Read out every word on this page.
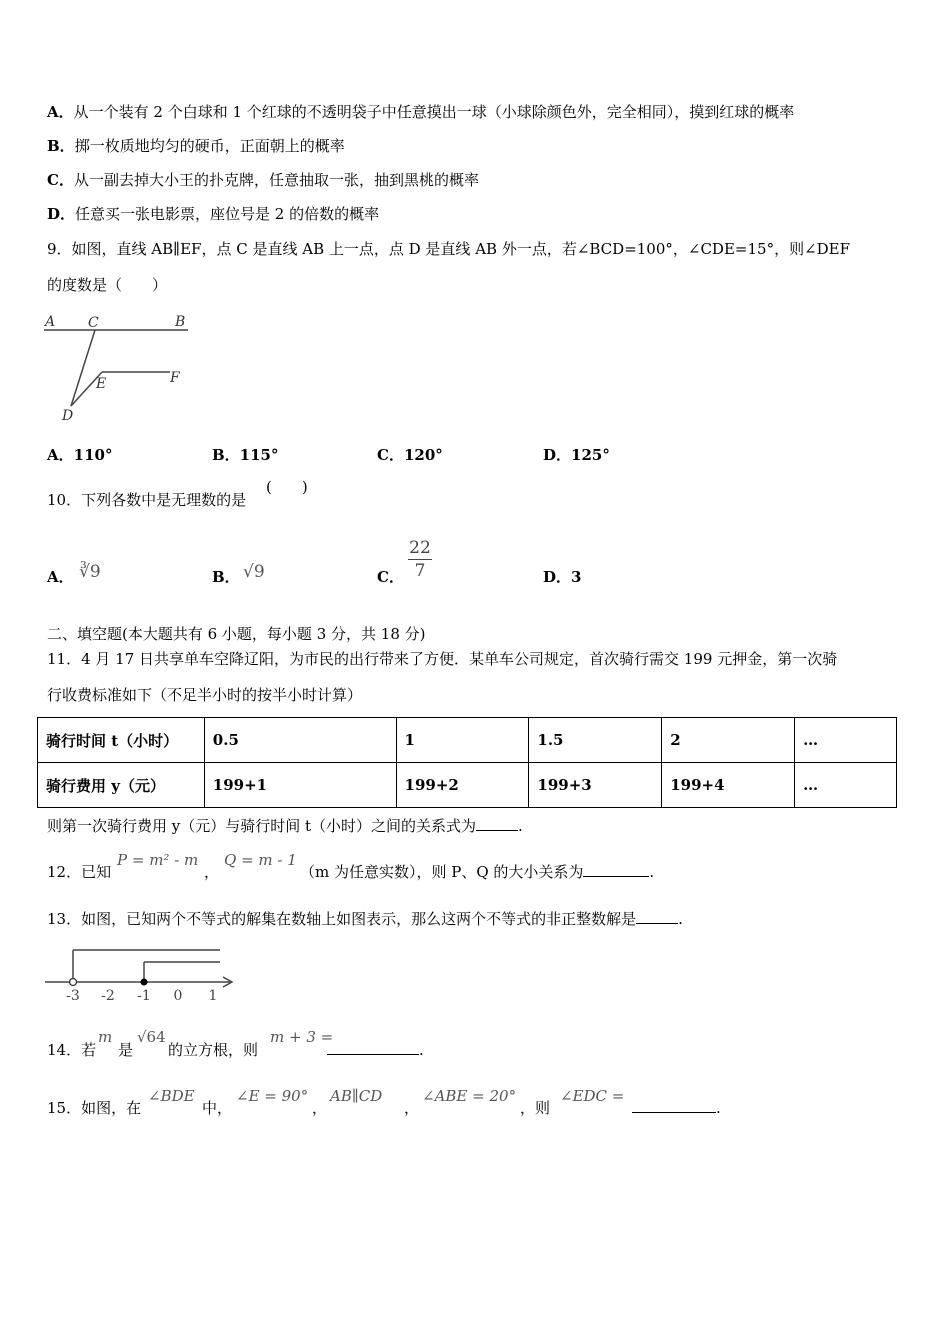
A．从一个装有 2 个白球和 1 个红球的不透明袋子中任意摸出一球（小球除颜色外，完全相同），摸到红球的概率
B．掷一枚质地均匀的硬币，正面朝上的概率
C．从一副去掉大小王的扑克牌，任意抽取一张，抽到黑桃的概率
D．任意买一张电影票，座位号是 2 的倍数的概率
9．如图，直线 AB∥EF，点 C 是直线 AB 上一点，点 D 是直线 AB 外一点，若∠BCD=100°，∠CDE=15°，则∠DEF
的度数是（　　）
A C	B
E	F
D
A．110°	B．115°	C．120°	D．125°
10．下列各数中是无理数的是
(　　)
A． ∛9	B． √9	C．
22
7	D．3
二、填空题(本大题共有 6 小题，每小题 3 分，共 18 分)
11．4 月 17 日共享单车空降辽阳，为市民的出行带来了方便．某单车公司规定，首次骑行需交 199 元押金，第一次骑
行收费标准如下（不足半小时的按半小时计算）
骑行时间 t（小时）	0.5	1	1.5	2	…
骑行费用 y（元）	199+1	199+2	199+3	199+4	…
则第一次骑行费用 y（元）与骑行时间 t（小时）之间的关系式为	.
12．已知
P = m² - m
，
Q = m - 1
（m 为任意实数），则 P、Q 的大小关系为	.
13．如图，已知两个不等式的解集在数轴上如图表示，那么这两个不等式的非正整数解是	.
-3 -2 -1 0 1
14．若
m
是
√64
的立方根，则
m + 3 =
.
15．如图，在
∠BDE
中，
∠E = 90°
，
AB∥CD
，
∠ABE = 20°
，则
∠EDC =
.
